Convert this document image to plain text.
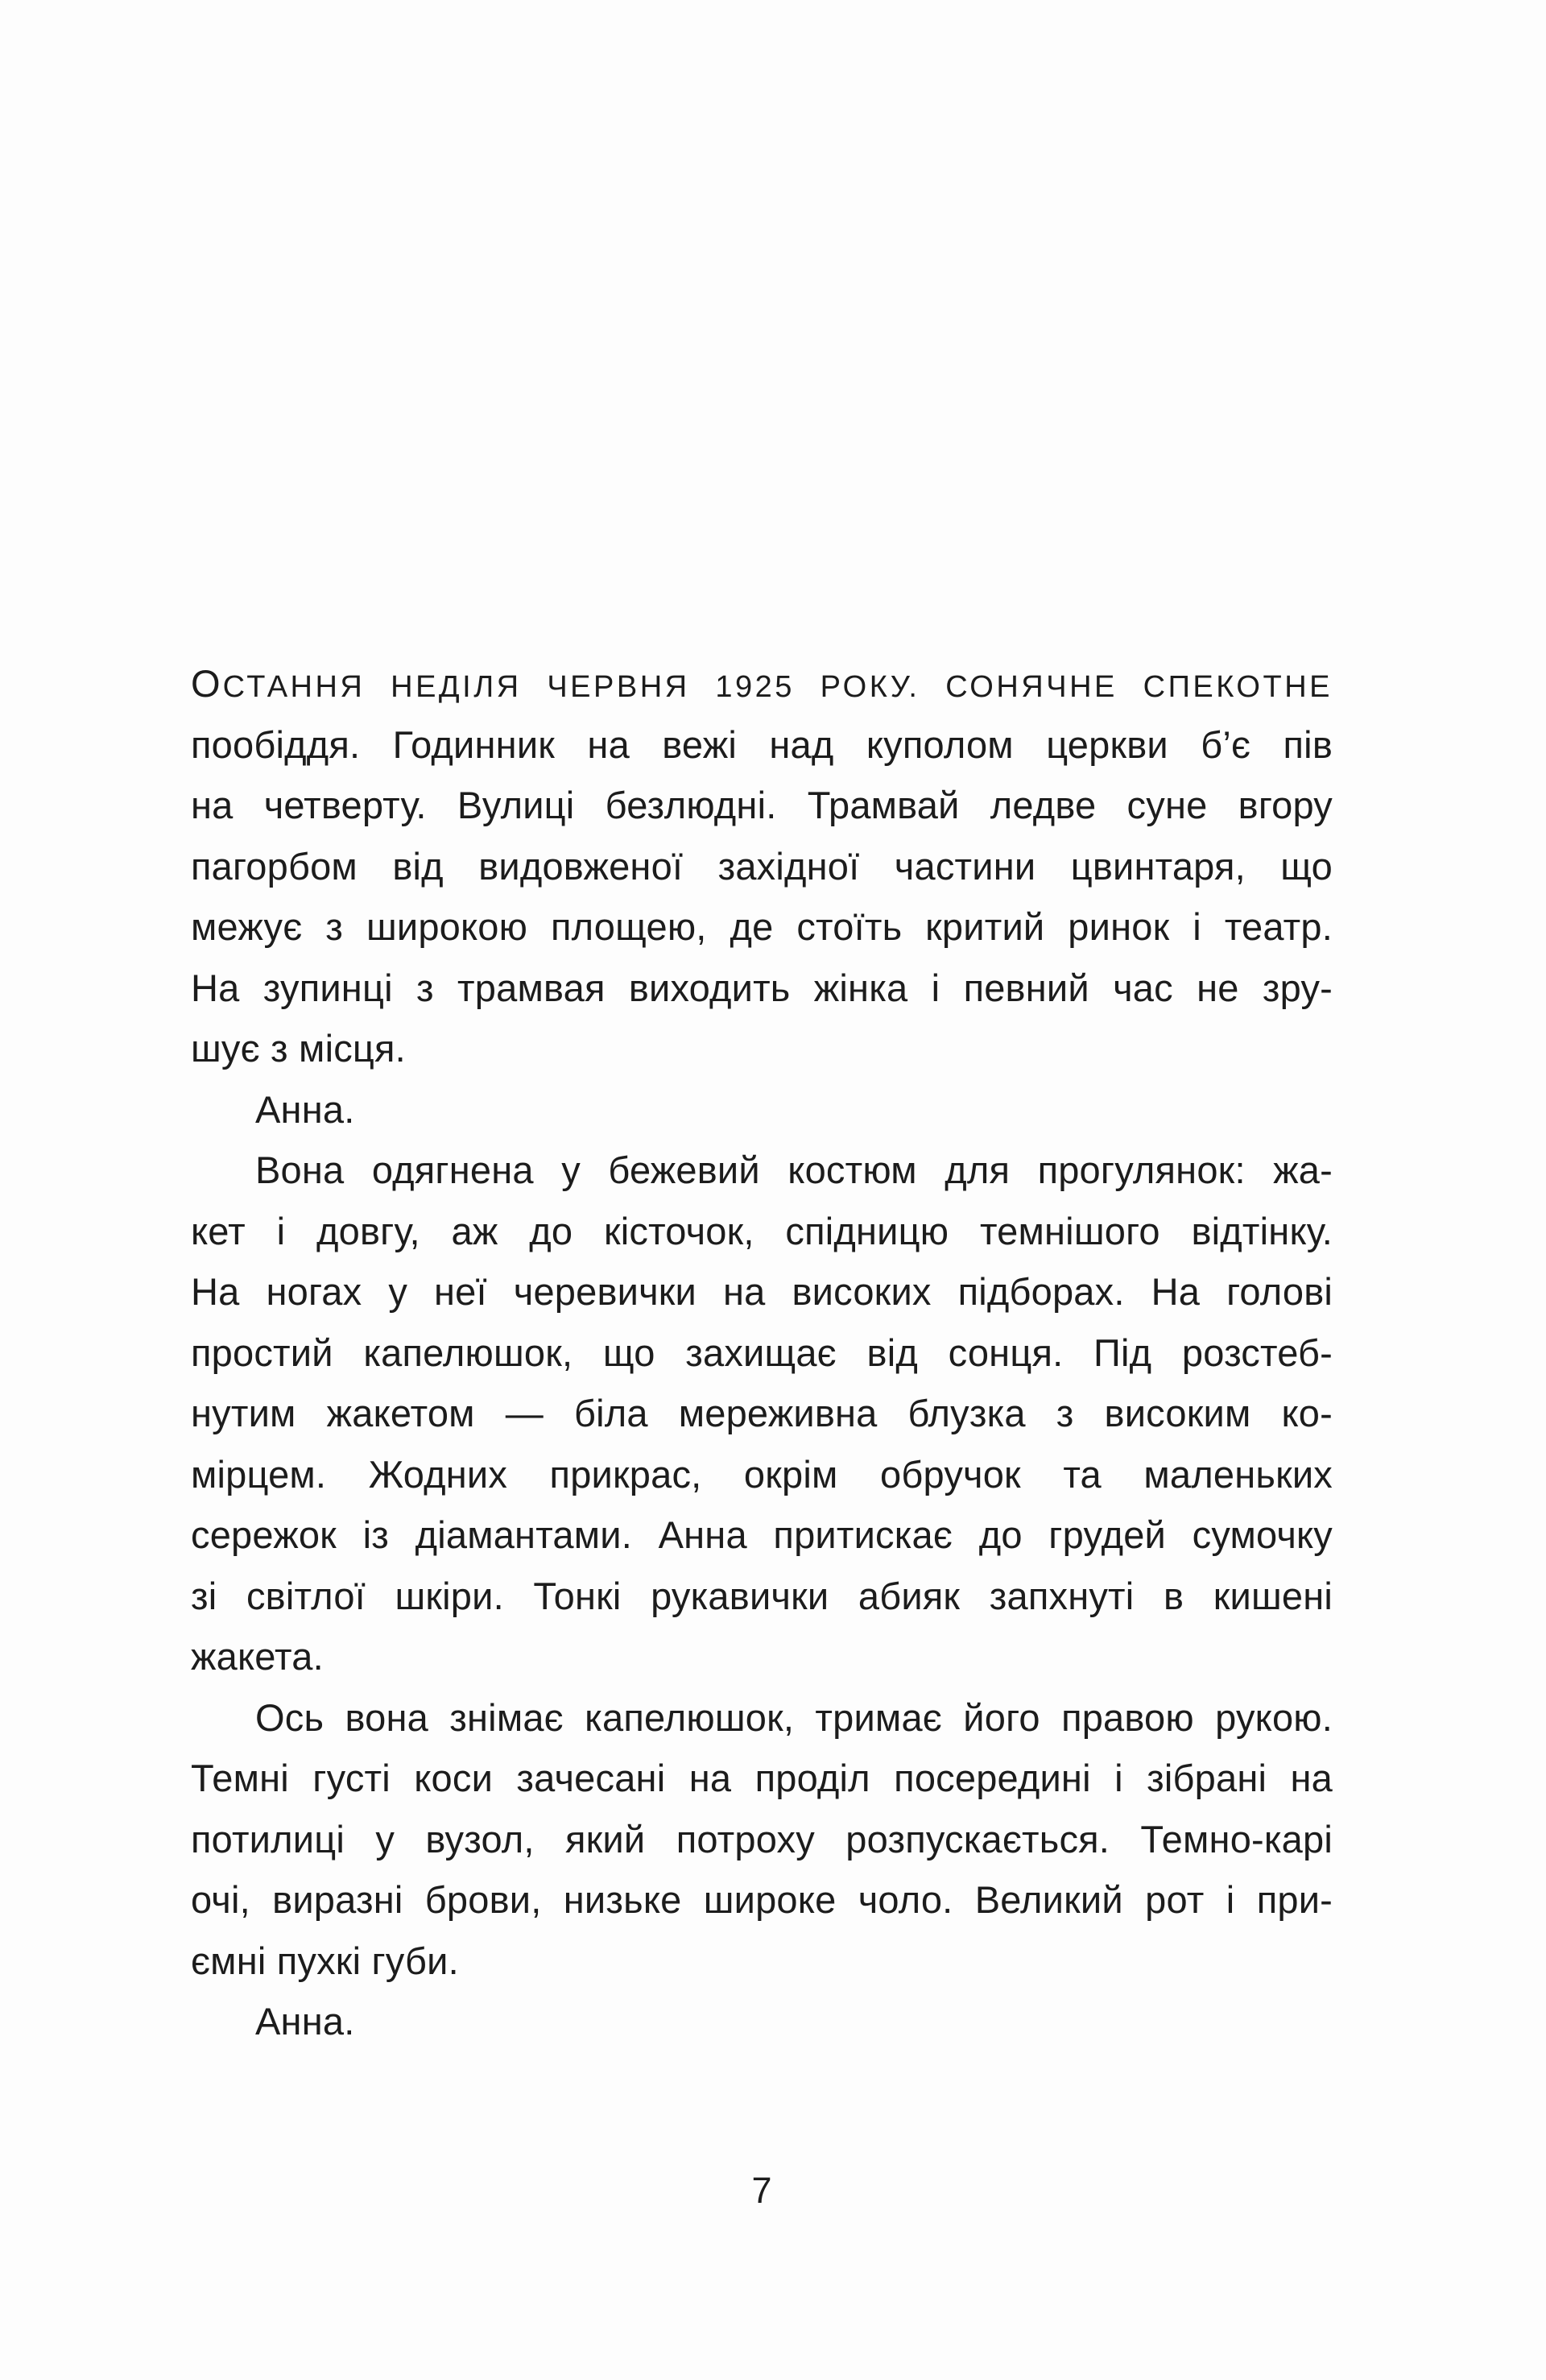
ОСТАННЯ НЕДІЛЯ ЧЕРВНЯ 1925 РОКУ. СОНЯЧНЕ СПЕКОТНЕ
пообіддя. Годинник на вежі над куполом церкви б’є пів
на четверту. Вулиці безлюдні. Трамвай ледве суне вгору
пагорбом від видовженої західної частини цвинтаря, що
межує з широкою площею, де стоїть критий ринок і театр.
На зупинці з трамвая виходить жінка і певний час не зру-
шує з місця.
Анна.
Вона одягнена у бежевий костюм для прогулянок: жа-
кет і довгу, аж до кісточок, спідницю темнішого відтінку.
На ногах у неї черевички на високих підборах. На голові
простий капелюшок, що захищає від сонця. Під розстеб-
нутим жакетом — біла мереживна блузка з високим ко-
мірцем. Жодних прикрас, окрім обручок та маленьких
сережок із діамантами. Анна притискає до грудей сумочку
зі світлої шкіри. Тонкі рукавички абияк запхнуті в кишені
жакета.
Ось вона знімає капелюшок, тримає його правою рукою.
Темні густі коси зачесані на проділ посередині і зібрані на
потилиці у вузол, який потроху розпускається. Темно-карі
очі, виразні брови, низьке широке чоло. Великий рот і при-
ємні пухкі губи.
Анна.
7
